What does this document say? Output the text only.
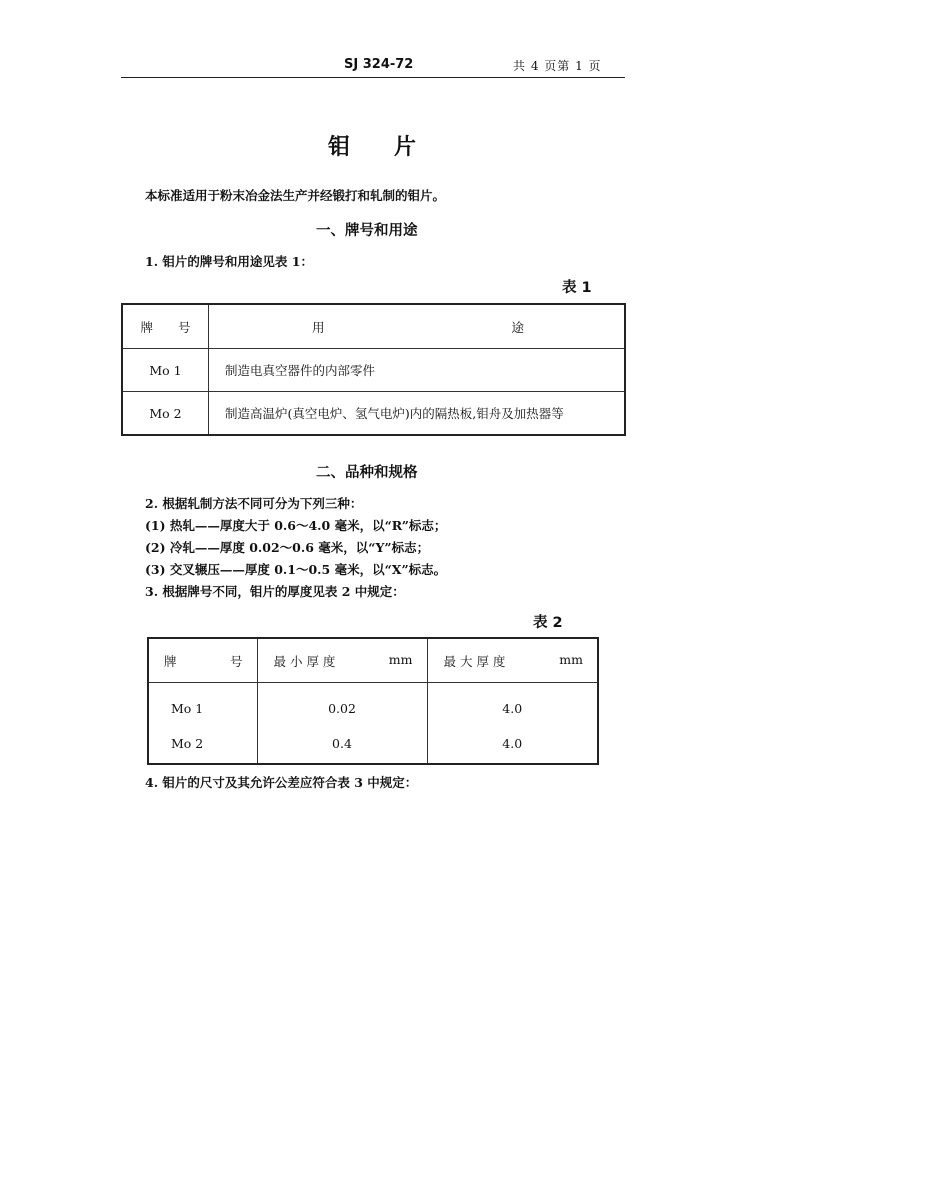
SJ 324-72	共 4 页第 1 页
钼 片
本标准适用于粉末冶金法生产并经锻打和轧制的钼片。
一、牌号和用途
1. 钼片的牌号和用途见表 1：
表 1
牌　　号	用 途

Mo 1	制造电真空器件的内部零件
Mo 2	制造高温炉(真空电炉、氢气电炉)内的隔热板,钼舟及加热器等
二、品种和规格
2. 根据轧制方法不同可分为下列三种：
(1) 热轧——厚度大于 0.6～4.0 毫米，以“R”标志；
(2) 冷轧——厚度 0.02～0.6 毫米，以“Y”标志；
(3) 交叉辗压——厚度 0.1～0.5 毫米，以“X”标志。
3. 根据牌号不同，钼片的厚度见表 2 中规定：
表 2
牌 号	最 小 厚 度 mm	最 大 厚 度 mm

Mo 1	0.02	4.0
Mo 2	0.4	4.0
4. 钼片的尺寸及其允许公差应符合表 3 中规定：
